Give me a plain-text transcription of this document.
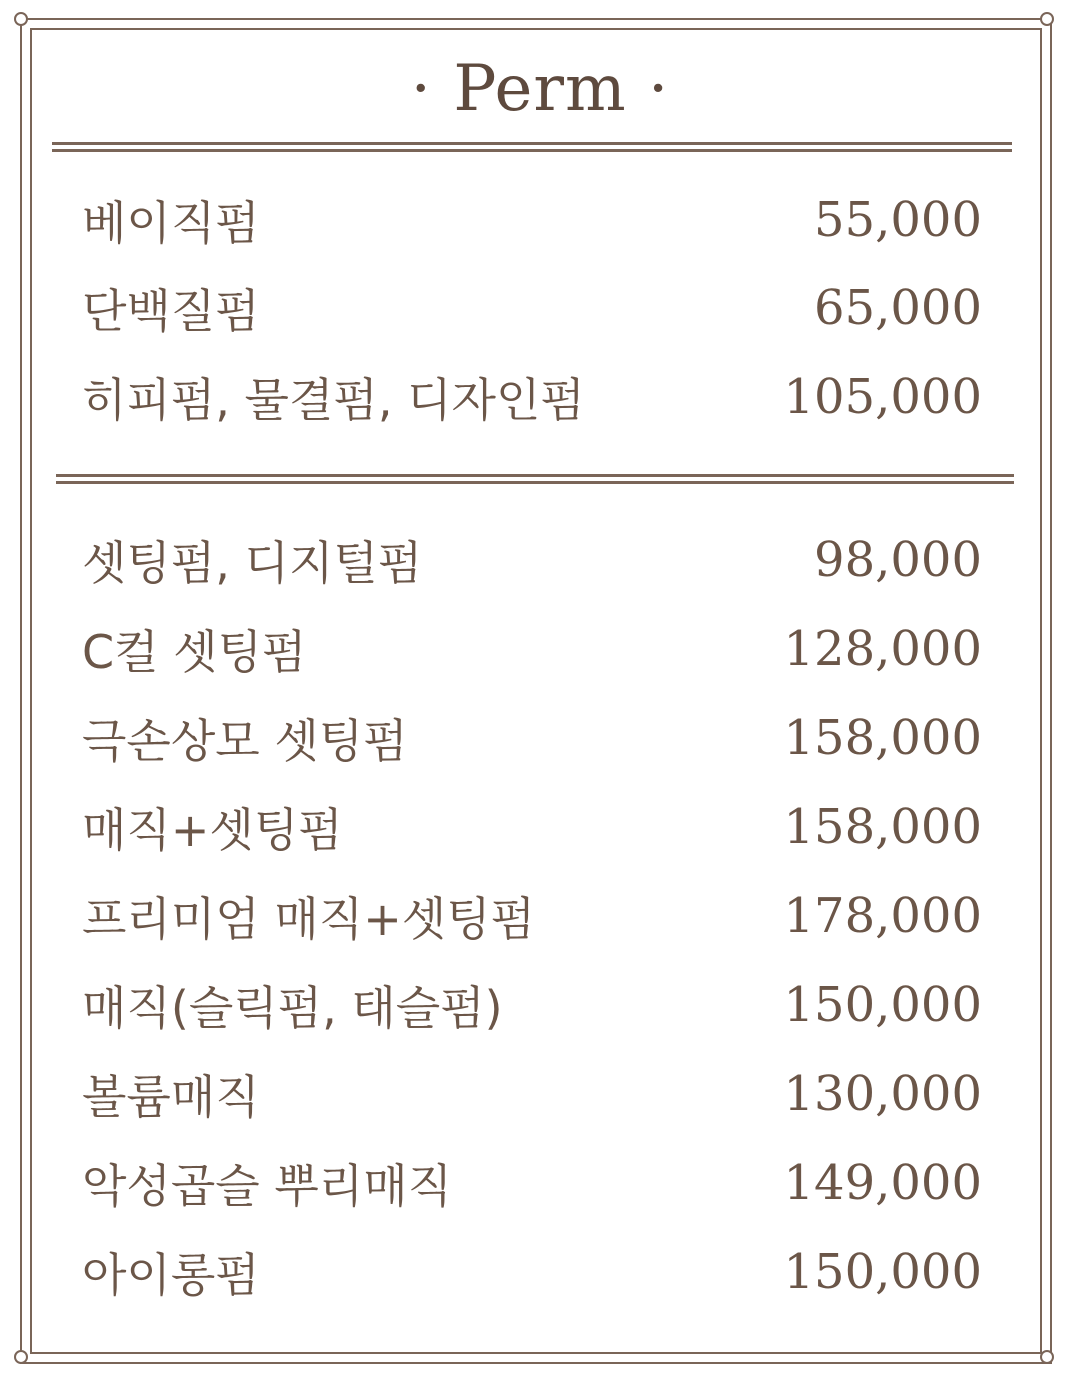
· Perm ·
베이직펌	55,000
단백질펌	65,000
히피펌, 물결펌, 디자인펌	105,000
셋팅펌, 디지털펌	98,000
C컬 셋팅펌	128,000
극손상모 셋팅펌	158,000
매직+셋팅펌	158,000
프리미엄 매직+셋팅펌	178,000
매직(슬릭펌, 태슬펌)	150,000
볼륨매직	130,000
악성곱슬 뿌리매직	149,000
아이롱펌	150,000
